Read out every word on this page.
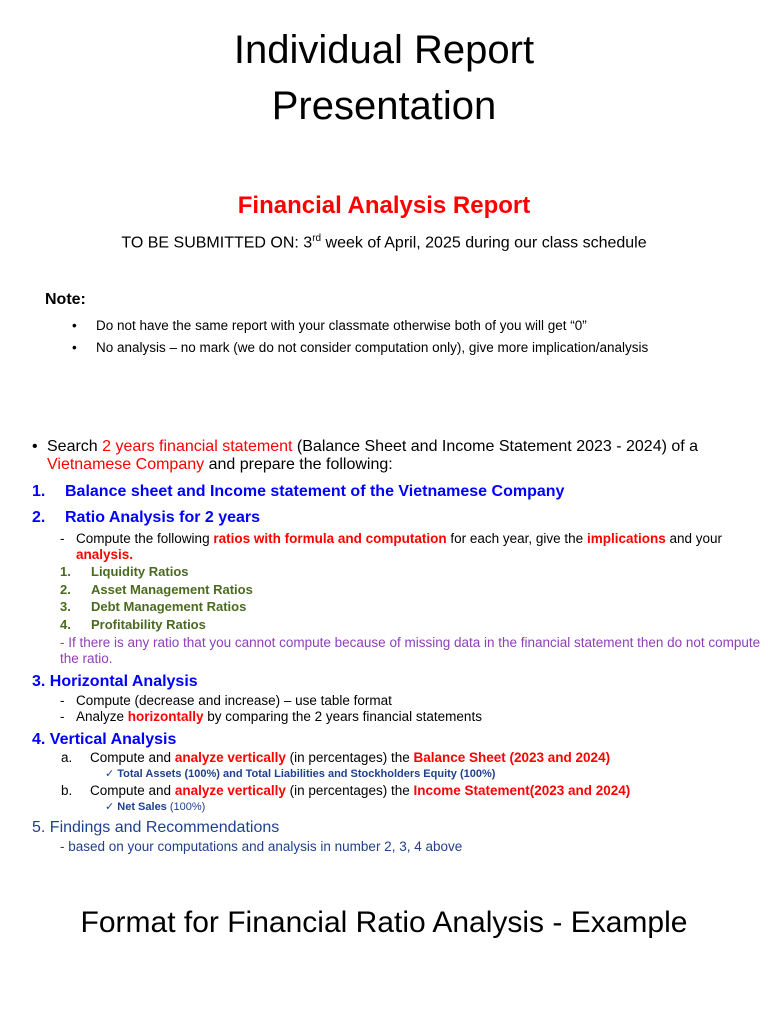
Individual Report
Presentation
Financial Analysis Report
TO BE SUBMITTED ON: 3rd week of April, 2025 during our class schedule
Note:
•	Do not have the same report with your classmate otherwise both of you will get “0”
•	No analysis – no mark (we do not consider computation only), give more implication/analysis
• Search 2 years financial statement (Balance Sheet and Income Statement 2023 - 2024) of a Vietnamese Company and prepare the following:
1.	Balance sheet and Income statement of the Vietnamese Company
2.	Ratio Analysis for 2 years
- Compute the following ratios with formula and computation for each year, give the implications and your analysis.
1.	Liquidity Ratios
2.	Asset Management Ratios
3.	Debt Management Ratios
4.	Profitability Ratios
- If there is any ratio that you cannot compute because of missing data in the financial statement then do not compute the ratio.
3. Horizontal Analysis
- Compute (decrease and increase) – use table format
- Analyze horizontally by comparing the 2 years financial statements
4. Vertical Analysis
a.	Compute and analyze vertically (in percentages) the Balance Sheet (2023 and 2024)
✓ Total Assets (100%) and Total Liabilities and Stockholders Equity (100%)
b.	Compute and analyze vertically (in percentages) the Income Statement(2023 and 2024)
✓ Net Sales (100%)
5. Findings and Recommendations
- based on your computations and analysis in number 2, 3, 4 above
Format for Financial Ratio Analysis - Example
